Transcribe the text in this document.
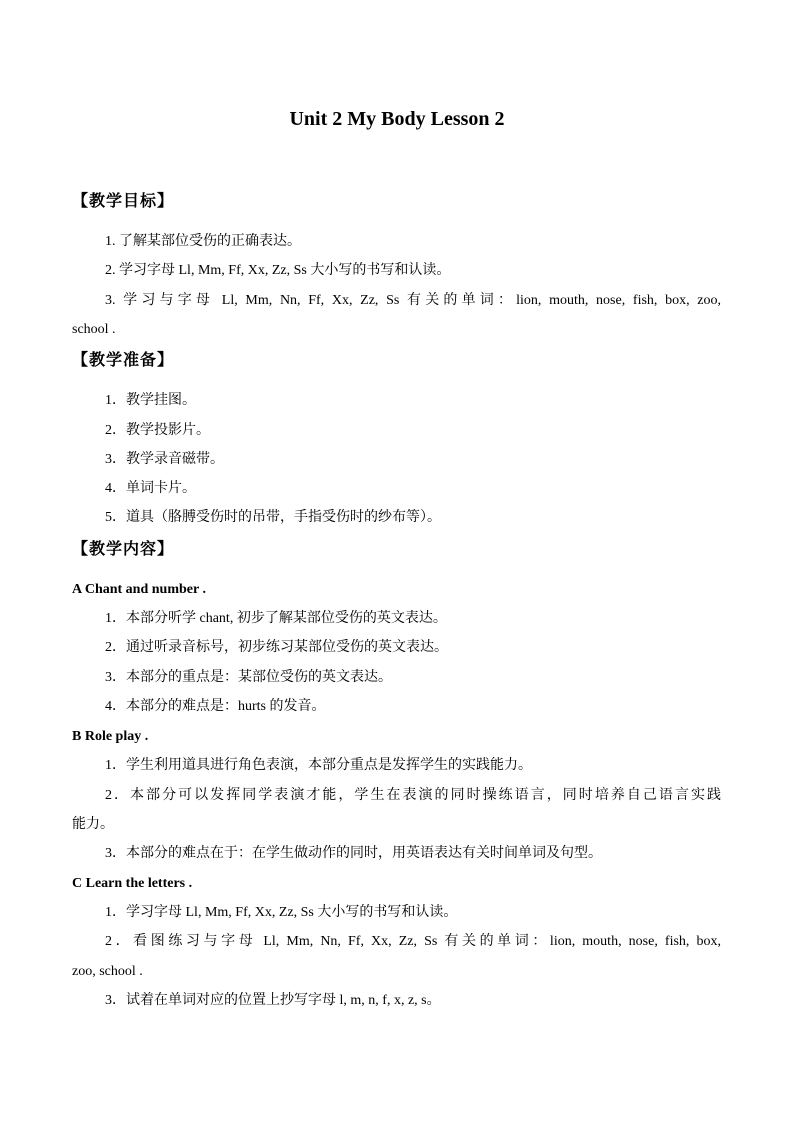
Unit 2 My Body Lesson 2
【教学目标】
1. 了解某部位受伤的正确表达。
2. 学习字母 Ll, Mm, Ff, Xx, Zz, Ss 大小写的书写和认读。
3. 学习与字母 Ll, Mm, Nn, Ff, Xx, Zz, Ss 有关的单词：lion, mouth, nose, fish, box, zoo,
school .
【教学准备】
1．教学挂图。
2．教学投影片。
3．教学录音磁带。
4．单词卡片。
5．道具（胳膊受伤时的吊带，手指受伤时的纱布等）。
【教学内容】
A Chant and number .
1．本部分听学 chant, 初步了解某部位受伤的英文表达。
2．通过听录音标号，初步练习某部位受伤的英文表达。
3．本部分的重点是：某部位受伤的英文表达。
4．本部分的难点是：hurts 的发音。
B Role play .
1．学生利用道具进行角色表演，本部分重点是发挥学生的实践能力。
2．本部分可以发挥同学表演才能，学生在表演的同时操练语言，同时培养自己语言实践
能力。
3．本部分的难点在于：在学生做动作的同时，用英语表达有关时间单词及句型。
C Learn the letters .
1．学习字母 Ll, Mm, Ff, Xx, Zz, Ss 大小写的书写和认读。
2．看图练习与字母 Ll, Mm, Nn, Ff, Xx, Zz, Ss 有关的单词：lion, mouth, nose, fish, box,
zoo, school .
3．试着在单词对应的位置上抄写字母 l, m, n, f, x, z, s。
